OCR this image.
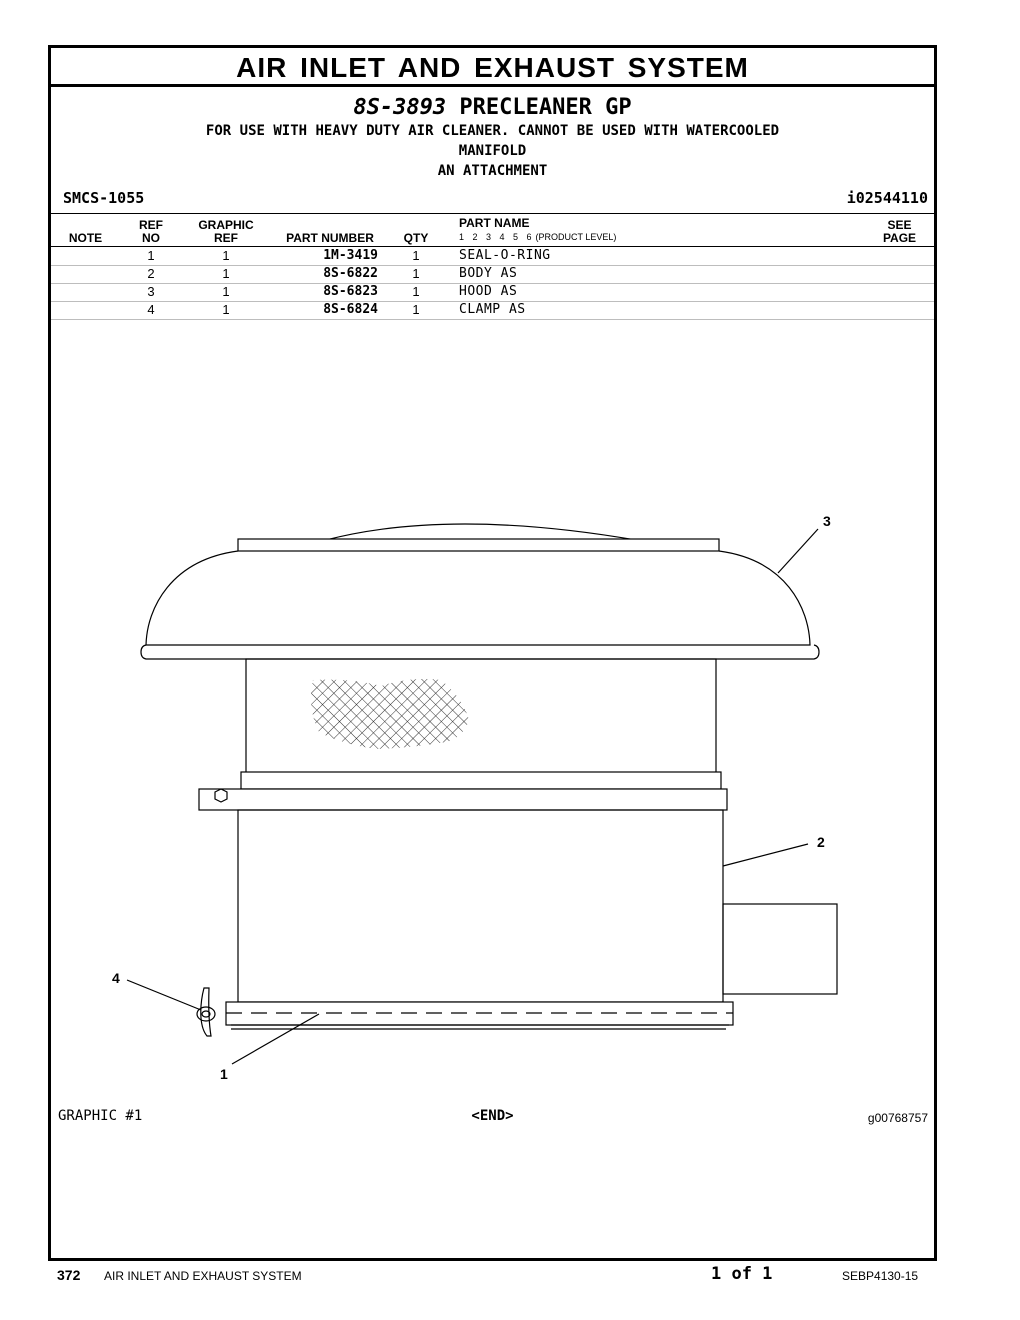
AIR INLET AND EXHAUST SYSTEM
8S-3893 PRECLEANER GP
FOR USE WITH HEAVY DUTY AIR CLEANER. CANNOT BE USED WITH WATERCOOLED
MANIFOLD
AN ATTACHMENT
SMCS-1055	i02544110
NOTE
REF
NO
GRAPHIC
REF	PART NUMBER	QTY
PART NAME
1 2 3 4 5 6 (PRODUCT LEVEL)
SEE
PAGE
1	1	1M-3419	1	SEAL-O-RING
2	1	8S-6822	1	BODY AS
3	1	8S-6823	1	HOOD AS
4	1	8S-6824	1	CLAMP AS
3
2
4
1
GRAPHIC #1	<END>	g00768757
372 AIR INLET AND EXHAUST SYSTEM	1 of 1	SEBP4130-15
